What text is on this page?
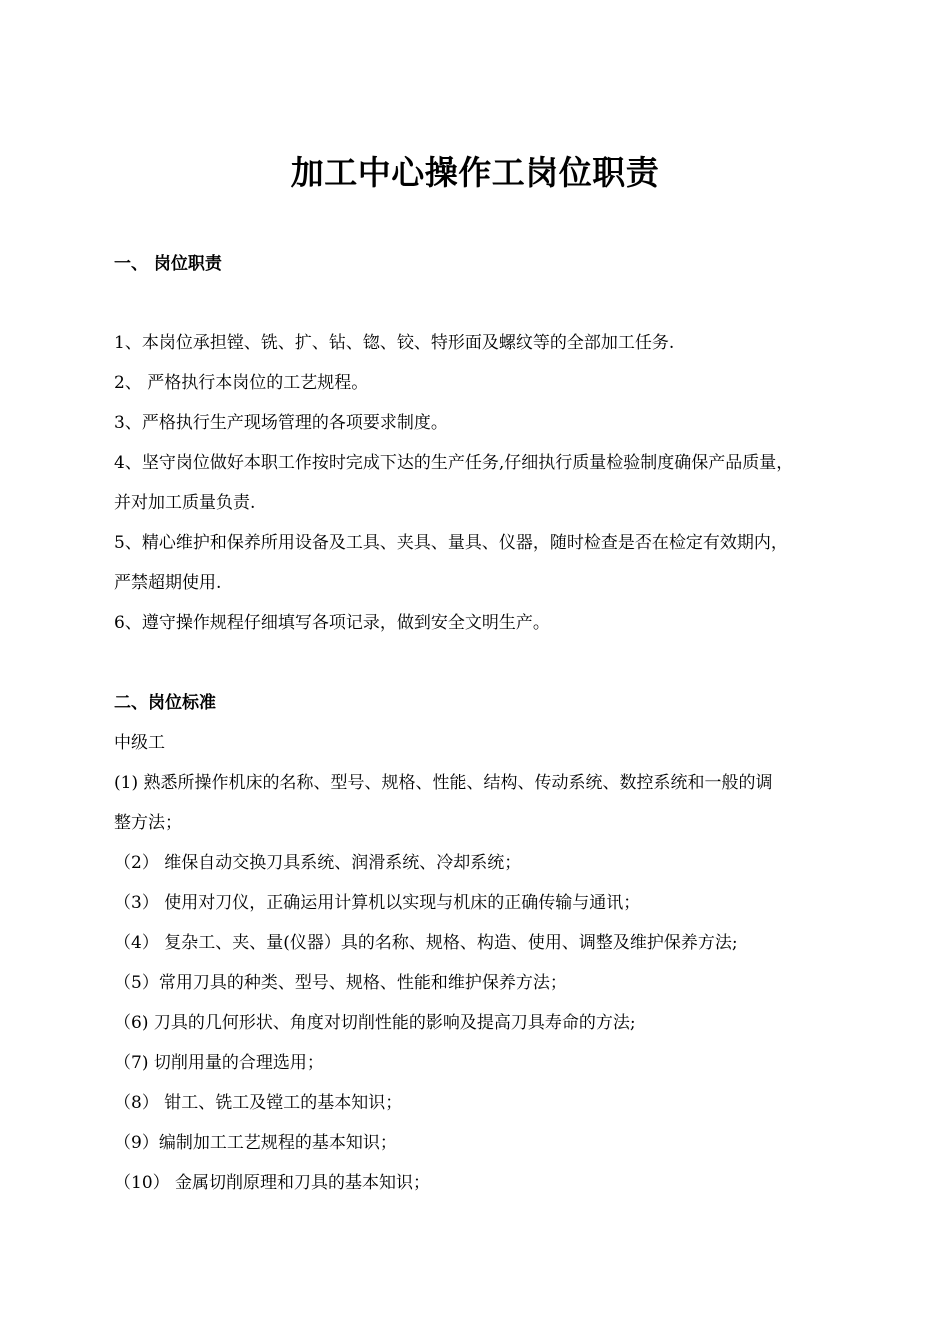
加工中心操作工岗位职责
一、 岗位职责
1、本岗位承担镗、铣、扩、钻、锪、铰、特形面及螺纹等的全部加工任务.
2、 严格执行本岗位的工艺规程。
3、严格执行生产现场管理的各项要求制度。
4、坚守岗位做好本职工作按时完成下达的生产任务,仔细执行质量检验制度确保产品质量，
并对加工质量负责.
5、精心维护和保养所用设备及工具、夹具、量具、仪器，随时检查是否在检定有效期内，
严禁超期使用.
6、遵守操作规程仔细填写各项记录，做到安全文明生产。
二、岗位标准
中级工
(1) 熟悉所操作机床的名称、型号、规格、性能、结构、传动系统、数控系统和一般的调
整方法；
（2） 维保自动交换刀具系统、润滑系统、冷却系统；
（3） 使用对刀仪，正确运用计算机以实现与机床的正确传输与通讯；
（4） 复杂工、夹、量(仪器）具的名称、规格、构造、使用、调整及维护保养方法;
（5）常用刀具的种类、型号、规格、性能和维护保养方法；
（6) 刀具的几何形状、角度对切削性能的影响及提高刀具寿命的方法;
（7) 切削用量的合理选用；
（8） 钳工、铣工及镗工的基本知识；
（9）编制加工工艺规程的基本知识；
（10） 金属切削原理和刀具的基本知识；
